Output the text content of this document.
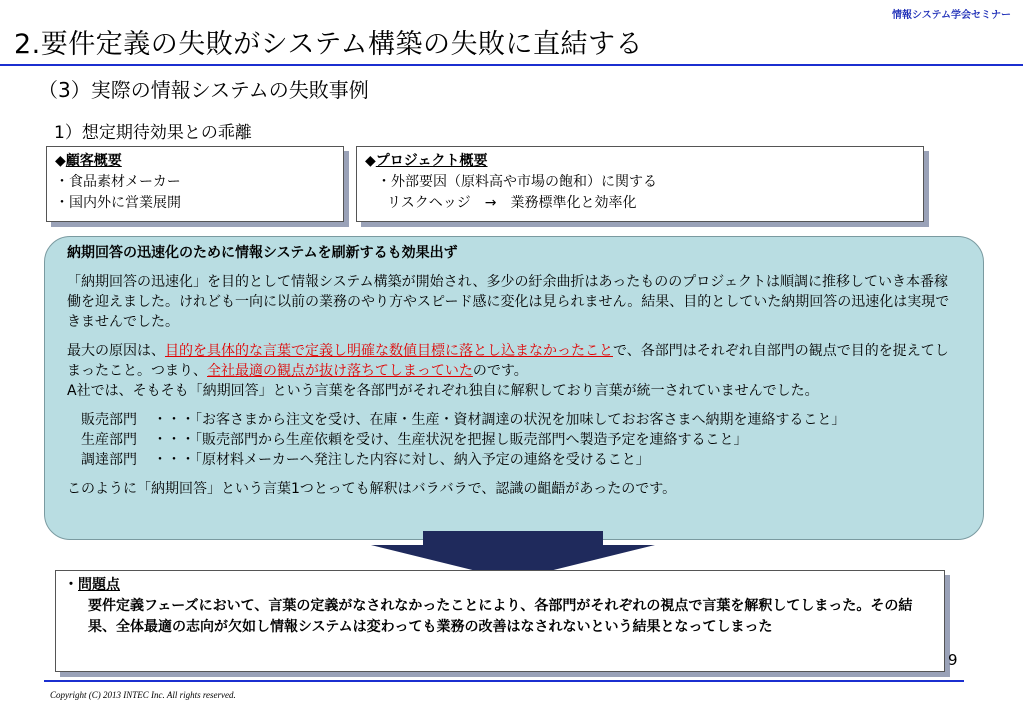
情報システム学会セミナー
2.要件定義の失敗がシステム構築の失敗に直結する
（3）実際の情報システムの失敗事例
1）想定期待効果との乖離
◆顧客概要
・食品素材メーカー
・国内外に営業展開
◆プロジェクト概要
・外部要因（原料高や市場の飽和）に関する
リスクヘッジ　→　業務標準化と効率化

納期回答の迅速化のために情報システムを刷新するも効果出ず

「納期回答の迅速化」を目的として情報システム構築が開始され、多少の紆余曲折はあったもののプロジェクトは順調に推移していき本番稼働を迎えました。けれども一向に以前の業務のやり方やスピード感に変化は見られません。結果、目的としていた納期回答の迅速化は実現できませんでした。

最大の原因は、目的を具体的な言葉で定義し明確な数値目標に落とし込まなかったことで、各部門はそれぞれ自部門の観点で目的を捉えてしまったこと。つまり、全社最適の観点が抜け落ちてしまっていたのです。
A社では、そもそも「納期回答」という言葉を各部門がそれぞれ独自に解釈しており言葉が統一されていませんでした。

販売部門 ・・・「お客さまから注文を受け、在庫・生産・資材調達の状況を加味しておお客さまへ納期を連絡すること」
生産部門 ・・・「販売部門から生産依頼を受け、生産状況を把握し販売部門へ製造予定を連絡すること」
調達部門 ・・・「原材料メーカーへ発注した内容に対し、納入予定の連絡を受けること」

このように「納期回答」という言葉1つとっても解釈はバラバラで、認識の齟齬があったのです。

・問題点
要件定義フェーズにおいて、言葉の定義がなされなかったことにより、各部門がそれぞれの視点で言葉を解釈してしまった。その結果、全体最適の志向が欠如し情報システムは変わっても業務の改善はなされないという結果となってしまった
9
Copyright (C) 2013 INTEC Inc. All rights reserved.
